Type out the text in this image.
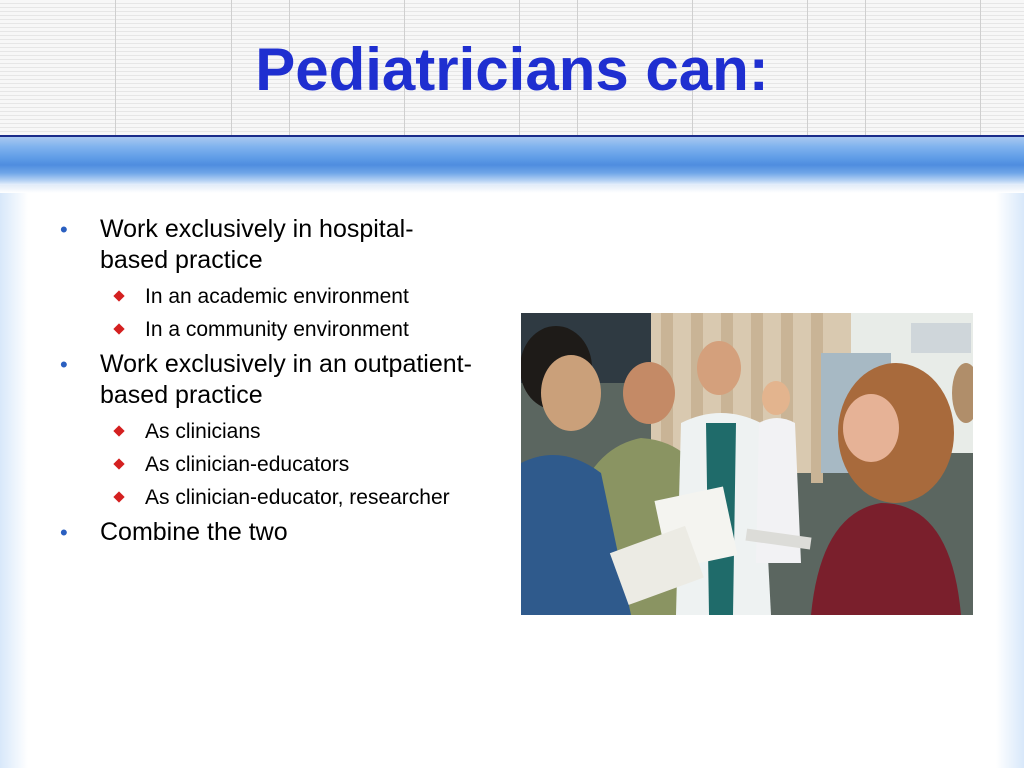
Pediatricians can:
• Work exclusively in hospital-based practice
In an academic environment
In a community environment
• Work exclusively in an outpatient-based practice
As clinicians
As clinician-educators
As clinician-educator, researcher
• Combine the two
